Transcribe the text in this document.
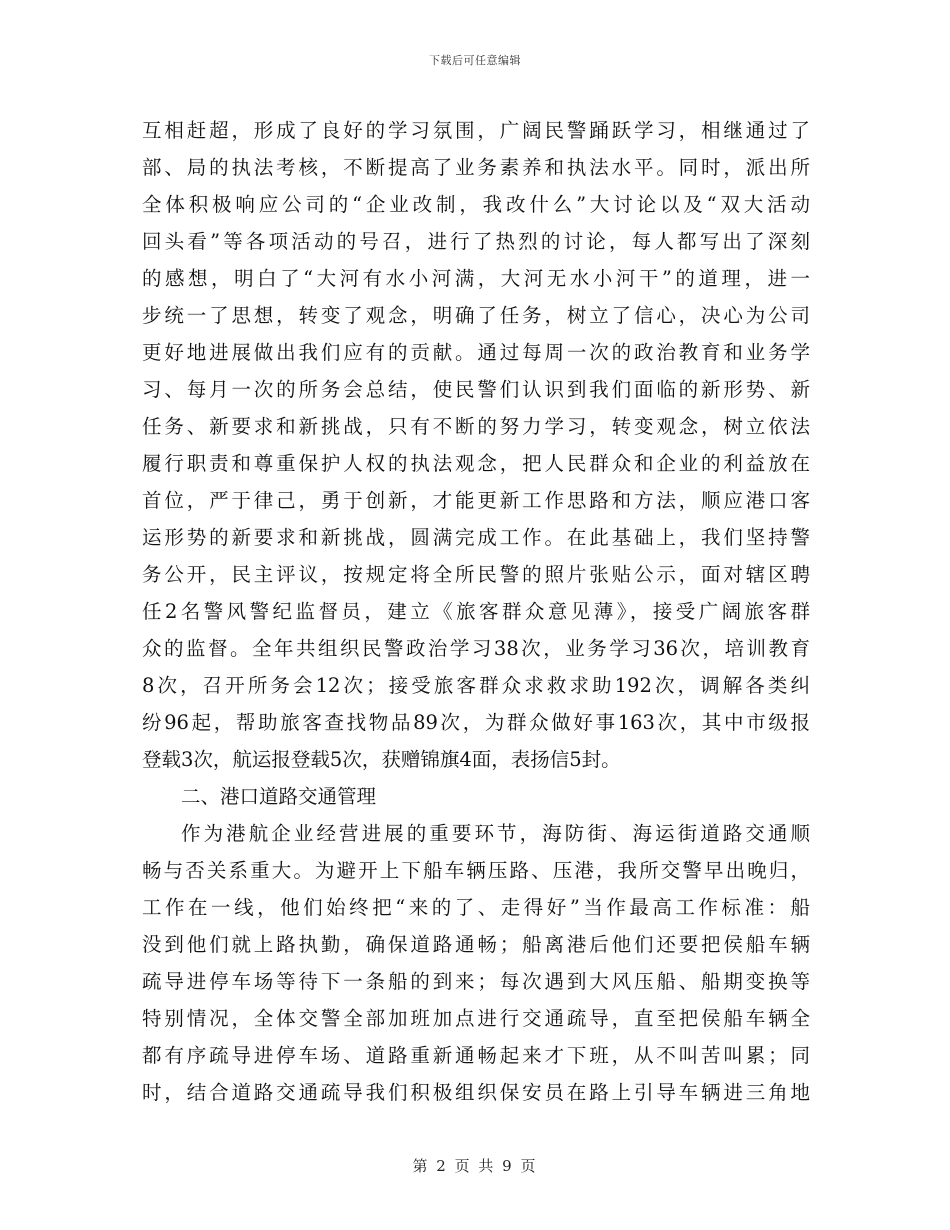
下载后可任意编辑
互相赶超，形成了良好的学习氛围，广阔民警踊跃学习，相继通过了
部、局的执法考核，不断提高了业务素养和执法水平。同时，派出所
全体积极响应公司的“企业改制，我改什么”大讨论以及“双大活动
回头看”等各项活动的号召，进行了热烈的讨论，每人都写出了深刻
的感想，明白了“大河有水小河满，大河无水小河干”的道理，进一
步统一了思想，转变了观念，明确了任务，树立了信心，决心为公司
更好地进展做出我们应有的贡献。通过每周一次的政治教育和业务学
习、每月一次的所务会总结，使民警们认识到我们面临的新形势、新
任务、新要求和新挑战，只有不断的努力学习，转变观念，树立依法
履行职责和尊重保护人权的执法观念，把人民群众和企业的利益放在
首位，严于律己，勇于创新，才能更新工作思路和方法，顺应港口客
运形势的新要求和新挑战，圆满完成工作。在此基础上，我们坚持警
务公开，民主评议，按规定将全所民警的照片张贴公示，面对辖区聘
任2名警风警纪监督员，建立《旅客群众意见薄》，接受广阔旅客群
众的监督。全年共组织民警政治学习38次，业务学习36次，培训教育
8次，召开所务会12次；接受旅客群众求救求助192次，调解各类纠
纷96起，帮助旅客查找物品89次，为群众做好事163次，其中市级报
登载3次，航运报登载5次，获赠锦旗4面，表扬信5封。
二、港口道路交通管理
作为港航企业经营进展的重要环节，海防街、海运街道路交通顺
畅与否关系重大。为避开上下船车辆压路、压港，我所交警早出晚归，
工作在一线，他们始终把“来的了、走得好”当作最高工作标准：船
没到他们就上路执勤，确保道路通畅；船离港后他们还要把侯船车辆
疏导进停车场等待下一条船的到来；每次遇到大风压船、船期变换等
特别情况，全体交警全部加班加点进行交通疏导，直至把侯船车辆全
都有序疏导进停车场、道路重新通畅起来才下班，从不叫苦叫累；同
时，结合道路交通疏导我们积极组织保安员在路上引导车辆进三角地
第 2 页 共 9 页
